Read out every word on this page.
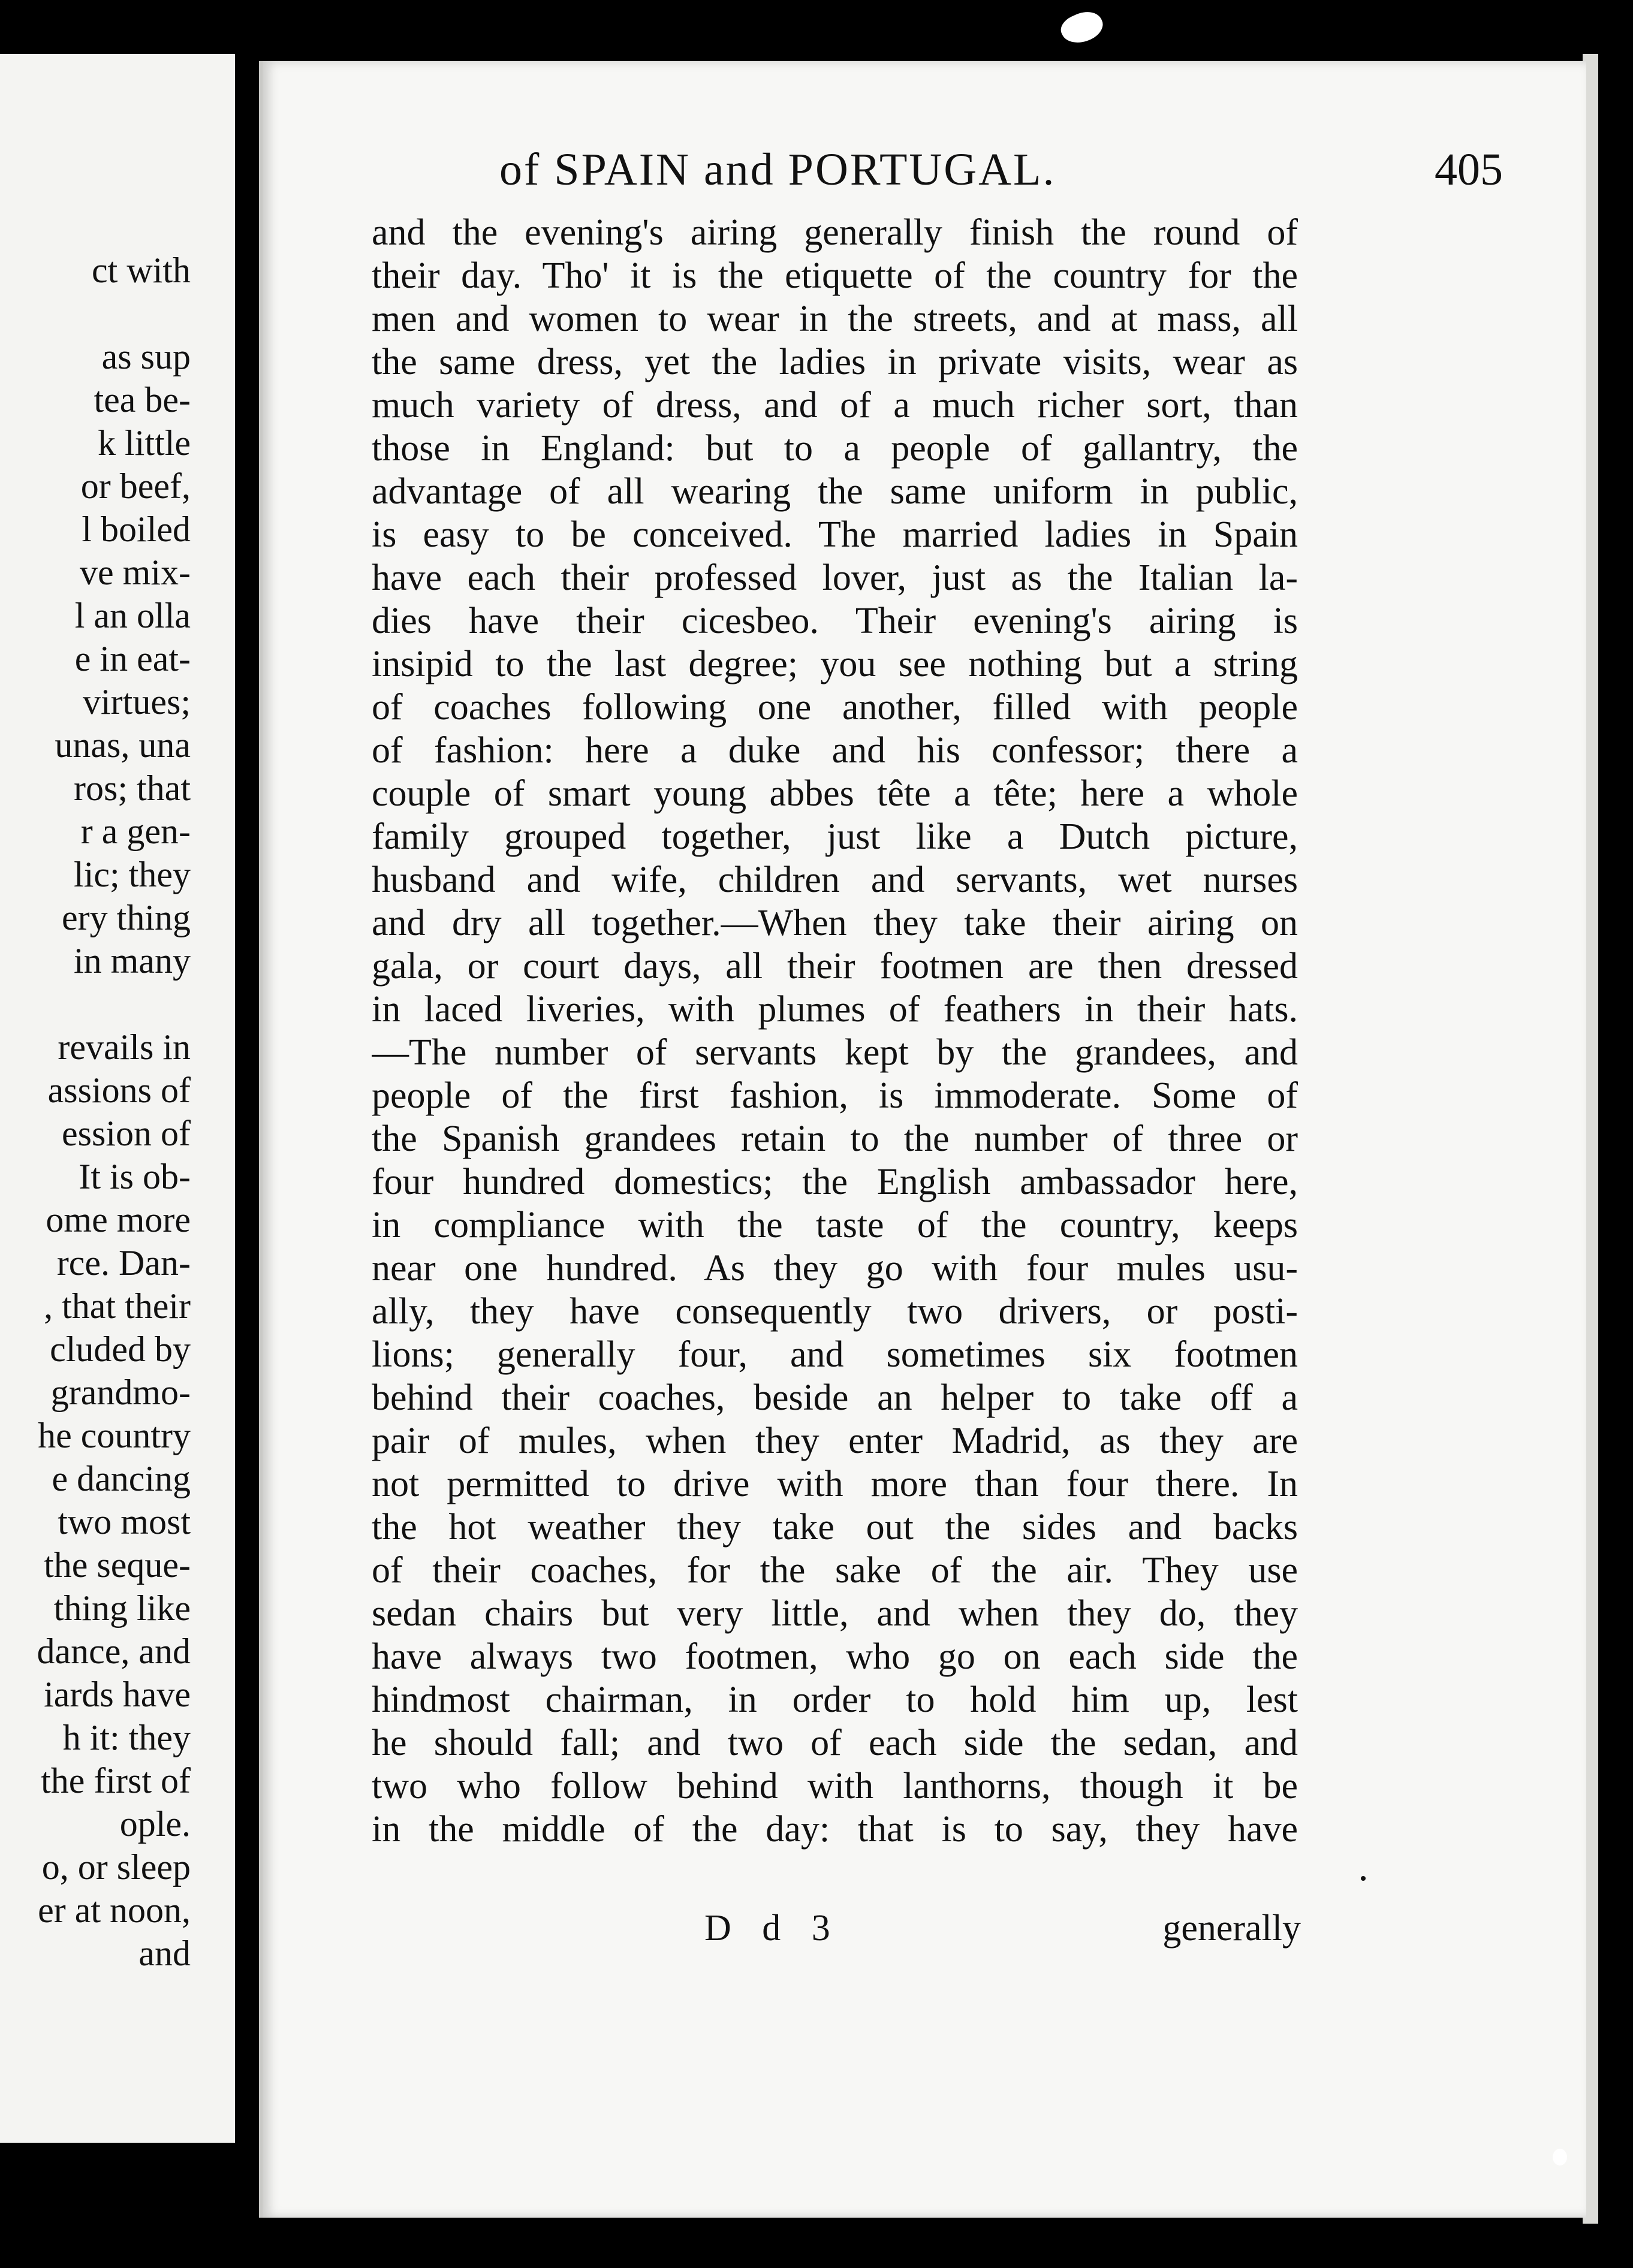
ct with
as sup
tea be-
k little
or beef,
l boiled
ve mix-
l an olla
e in eat-
virtues;
unas, una
ros; that
r a gen-
lic; they
ery thing
in many
revails in
assions of
ession of
It is ob-
ome more
rce. Dan-
, that their
cluded by
grandmo-
he country
e dancing
two most
the seque-
thing like
dance, and
iards have
h it: they
the first of
ople.
o, or sleep
er at noon,
and
of SPAIN and PORTUGAL.	405
and the evening's airing generally finish the round of
their day. Tho' it is the etiquette of the country for the
men and women to wear in the streets, and at mass, all
the same dress, yet the ladies in private visits, wear as
much variety of dress, and of a much richer sort, than
those in England: but to a people of gallantry, the
advantage of all wearing the same uniform in public,
is easy to be conceived. The married ladies in Spain
have each their professed lover, just as the Italian la-
dies have their cicesbeo. Their evening's airing is
insipid to the last degree; you see nothing but a string
of coaches following one another, filled with people
of fashion: here a duke and his confessor; there a
couple of smart young abbes tête a tête; here a whole
family grouped together, just like a Dutch picture,
husband and wife, children and servants, wet nurses
and dry all together.—When they take their airing on
gala, or court days, all their footmen are then dressed
in laced liveries, with plumes of feathers in their hats.
—The number of servants kept by the grandees, and
people of the first fashion, is immoderate. Some of
the Spanish grandees retain to the number of three or
four hundred domestics; the English ambassador here,
in compliance with the taste of the country, keeps
near one hundred. As they go with four mules usu-
ally, they have consequently two drivers, or posti-
lions; generally four, and sometimes six footmen
behind their coaches, beside an helper to take off a
pair of mules, when they enter Madrid, as they are
not permitted to drive with more than four there. In
the hot weather they take out the sides and backs
of their coaches, for the sake of the air. They use
sedan chairs but very little, and when they do, they
have always two footmen, who go on each side the
hindmost chairman, in order to hold him up, lest
he should fall; and two of each side the sedan, and
two who follow behind with lanthorns, though it be
in the middle of the day: that is to say, they have
D d 3	generally
